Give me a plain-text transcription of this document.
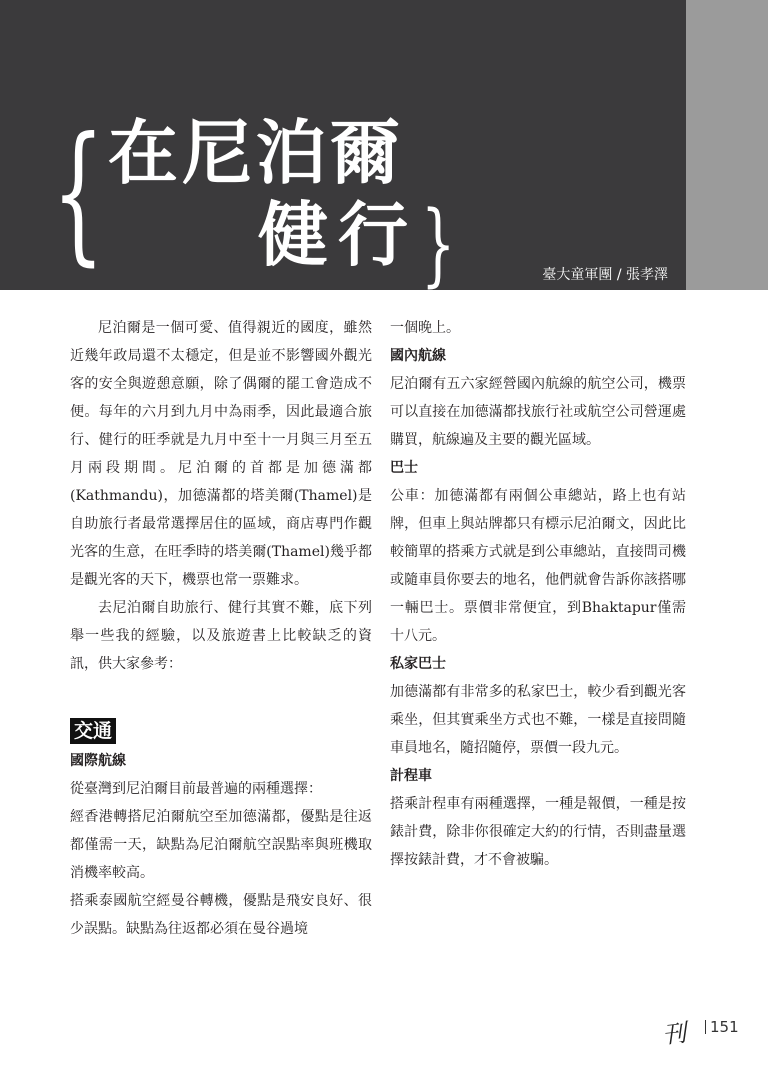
{ 在尼泊爾
健行 }	臺大童軍團 / 張孝澤

尼泊爾是一個可愛、值得親近的國度，雖然近幾年政局還不太穩定，但是並不影響國外觀光客的安全與遊憩意願，除了偶爾的罷工會造成不便。每年的六月到九月中為雨季，因此最適合旅行、健行的旺季就是九月中至十一月與三月至五月兩段期間。尼泊爾的首都是加德滿都(Kathmandu)，加德滿都的塔美爾(Thamel)是自助旅行者最常選擇居住的區域，商店專門作觀光客的生意，在旺季時的塔美爾(Thamel)幾乎都是觀光客的天下，機票也常一票難求。

去尼泊爾自助旅行、健行其實不難，底下列舉一些我的經驗，以及旅遊書上比較缺乏的資訊，供大家參考：

交通

國際航線

從臺灣到尼泊爾目前最普遍的兩種選擇：

經香港轉搭尼泊爾航空至加德滿都，優點是往返都僅需一天，缺點為尼泊爾航空誤點率與班機取消機率較高。

搭乘泰國航空經曼谷轉機，優點是飛安良好、很少誤點。缺點為往返都必須在曼谷過境

一個晚上。

國內航線

尼泊爾有五六家經營國內航線的航空公司，機票可以直接在加德滿都找旅行社或航空公司營運處購買，航線遍及主要的觀光區域。

巴士

公車：加德滿都有兩個公車總站，路上也有站牌，但車上與站牌都只有標示尼泊爾文，因此比較簡單的搭乘方式就是到公車總站，直接問司機或隨車員你要去的地名，他們就會告訴你該搭哪一輛巴士。票價非常便宜，到Bhaktapur僅需十八元。

私家巴士

加德滿都有非常多的私家巴士，較少看到觀光客乘坐，但其實乘坐方式也不難，一樣是直接問隨車員地名，隨招隨停，票價一段九元。

計程車

搭乘計程車有兩種選擇，一種是報價，一種是按錶計費，除非你很確定大約的行情，否則盡量選擇按錶計費，才不會被騙。

刊	151
